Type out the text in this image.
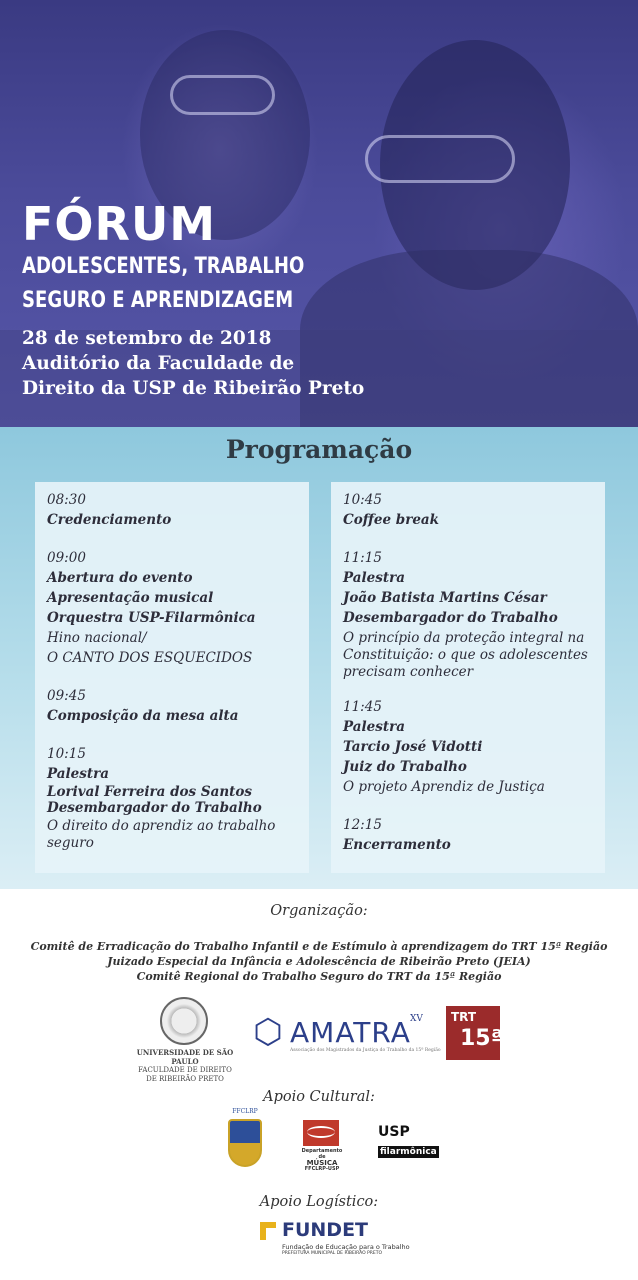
FÓRUM
ADOLESCENTES, TRABALHO
SEGURO E APRENDIZAGEM
28 de setembro de 2018
Auditório da Faculdade de
Direito da USP de Ribeirão Preto
Programação
08:30
Credenciamento
09:00
Abertura do evento
Apresentação musical
Orquestra USP-Filarmônica
Hino nacional/
O CANTO DOS ESQUECIDOS
09:45
Composição da mesa alta
10:15
Palestra
Lorival Ferreira dos Santos
Desembargador do Trabalho
O direito do aprendiz ao trabalho
seguro
10:45
Coffee break
11:15
Palestra
João Batista Martins César
Desembargador do Trabalho
O princípio da proteção integral na
Constituição: o que os adolescentes
precisam conhecer
11:45
Palestra
Tarcio José Vidotti
Juiz do Trabalho
O projeto Aprendiz de Justiça
12:15
Encerramento
Organização:
Comitê de Erradicação do Trabalho Infantil e de Estímulo à aprendizagem do TRT 15ª Região
Juizado Especial da Infância e Adolescência de Ribeirão Preto (JEIA)
Comitê Regional do Trabalho Seguro do TRT da 15ª Região
UNIVERSIDADE DE SÃO PAULO
FACULDADE DE DIREITO
DE RIBEIRÃO PRETO
⬡ AMATRA XV
Associação dos Magistrados da Justiça do Trabalho da 15ª Região
TRT
15ª
Apoio Cultural:
FFCLRP
Departamento de
MÚSICA
FFCLRP-USP
USP
filarmônica
Apoio Logístico:
FUNDET
Fundação de Educação para o Trabalho
PREFEITURA MUNICIPAL DE RIBEIRÃO PRETO
